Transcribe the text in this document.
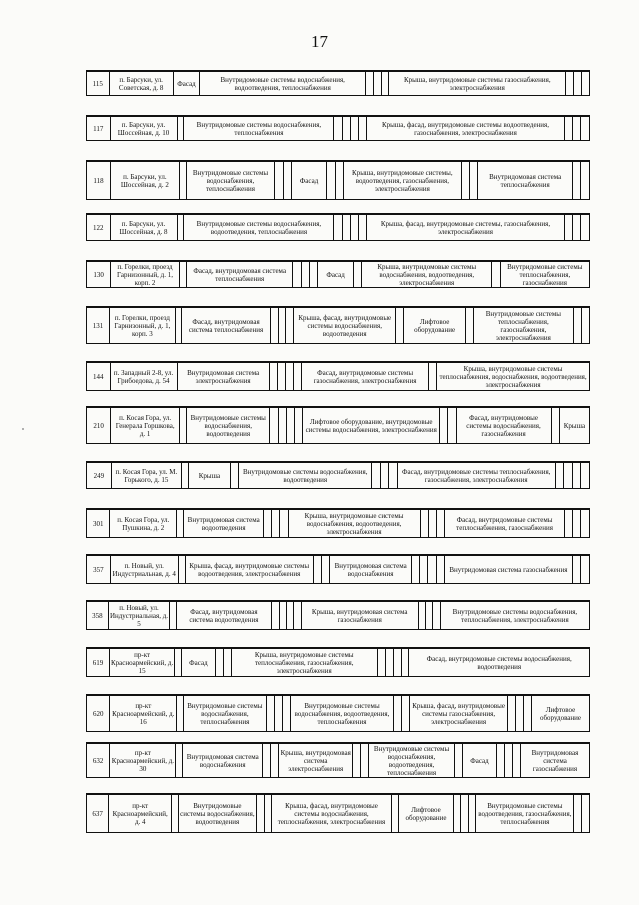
17
115	п. Барсуки, ул. Советская, д. 8	Фасад	Внутридомовые системы водоснабжения, водоотведения, теплоснабжения				Крыша, внутридомовые системы газоснабжения, электроснабжения			
117	п. Барсуки, ул. Шоссейная, д. 10		Внутридомовые системы водоснабжения, теплоснабжения					Крыша, фасад, внутридомовые системы водоотведения, газоснабжения, электроснабжения			
118	п. Барсуки, ул. Шоссейная, д. 2		Внутридомовые системы водоснабжения, теплоснабжения			Фасад			Крыша, внутридомовые системы, водоотведения, газоснабжения, электроснабжения			Внутридомовая система теплоснабжения		
122	п. Барсуки, ул. Шоссейная, д. 8		Внутридомовые системы водоснабжения, водоотведения, теплоснабжения					Крыша, фасад, внутридомовые системы, газоснабжения, электроснабжения			
130	п. Горелки, проезд Гарнизонный, д. 1, корп. 2		Фасад, внутридомовая система теплоснабжения				Фасад		Крыша, внутридомовые системы водоснабжения, водоотведения, электроснабжения		Внутридомовые системы теплоснабжения, газоснабжения
131	п. Горелки, проезд Гарнизонный, д. 1, корп. 3		Фасад, внутридомовая система теплоснабжения				Крыша, фасад, внутридомовые системы водоснабжения, водоотведения		Лифтовое оборудование		Внутридомовые системы теплоснабжения, газоснабжения, электроснабжения		
144	п. Западный 2-8, ул. Грибоедова, д. 54	Внутридомовая система электроснабжения					Фасад, внутридомовые системы газоснабжения, электроснабжения		Крыша, внутридомовые системы теплоснабжения, водоснабжения, водоотведения, электроснабжения
210	п. Косая Гора, ул. Генерала Горшкова, д. 1		Внутридомовые системы водоснабжения, водоотведения					Лифтовое оборудование, внутридомовые системы водоснабжения, электроснабжения			Фасад, внутридомовые системы водоснабжения, газоснабжения		Крыша
249	п. Косая Гора, ул. М. Горького, д. 15		Крыша		Внутридомовые системы водоснабжения, водоотведения				Фасад, внутридомовые системы теплоснабжения, газоснабжения, электроснабжения				
301	п. Косая Гора, ул. Пушкина, д. 2		Внутридомовая система водоотведения				Крыша, внутридомовые системы водоснабжения, водоотведения, электроснабжения				Фасад, внутридомовые системы теплоснабжения, газоснабжения			
357	п. Новый, ул. Индустриальная, д. 4		Крыша, фасад, внутридомовые системы водоотведения, электроснабжения			Внутридомовая система водоснабжения					Внутридомовая система газоснабжения		
358	п. Новый, ул. Индустриальная, д. 5		Фасад, внутридомовая система водоотведения					Крыша, внутридомовая система газоснабжения				Внутридомовые системы водоснабжения, теплоснабжения, электроснабжения
619	пр-кт Красноармейский, д. 15		Фасад			Крыша, внутридомовые системы теплоснабжения, газоснабжения, электроснабжения					Фасад, внутридомовые системы водоснабжения, водоотведения
620	пр-кт Красноармейский, д. 16		Внутридомовые системы водоснабжения, теплоснабжения				Внутридомовые системы водоснабжения, водоотведения, теплоснабжения			Крыша, фасад, внутридомовые системы газоснабжения, электроснабжения				Лифтовое оборудование
632	пр-кт Красноармейский, д. 30		Внутридомовая система водоснабжения			Крыша, внутридомовая система электроснабжения			Внутридомовые системы водоснабжения, водоотведения, теплоснабжения		Фасад				Внутридомовая система газоснабжения
637	пр-кт Красноармейский, д. 4		Внутридомовые системы водоснабжения, водоотведения			Крыша, фасад, внутридомовые системы водоснабжения, теплоснабжения, электроснабжения		Лифтовое оборудование				Внутридомовые системы водоотведения, газоснабжения, теплоснабжения		
